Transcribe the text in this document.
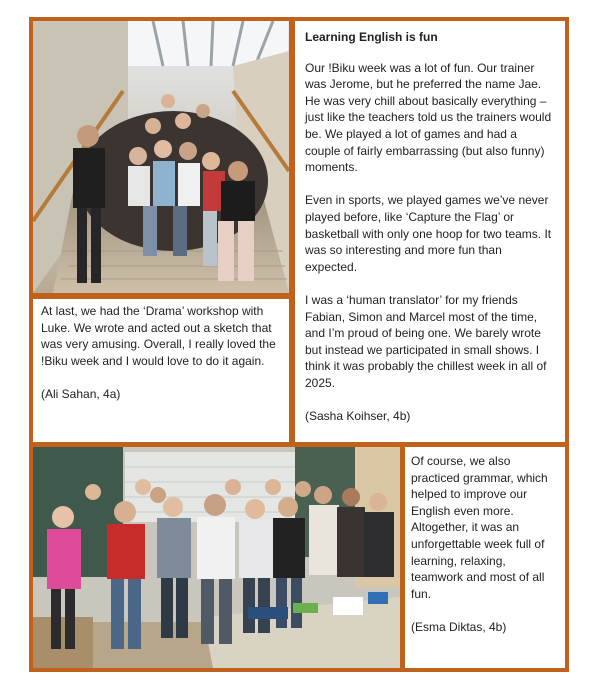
Learning English is fun

Our !Biku week was a lot of fun. Our trainer was Jerome, but he preferred the name Jae. He was very chill about basically everything – just like the teachers told us the trainers would be. We played a lot of games and had a couple of fairly embarrassing (but also funny) moments.

Even in sports, we played games we’ve never played before, like ‘Capture the Flag’ or basketball with only one hoop for two teams. It was so interesting and more fun than expected.

I was a ‘human translator’ for my friends Fabian, Simon and Marcel most of the time, and I’m proud of being one. We barely wrote but instead we participated in small shows. I think it was probably the chillest week in all of 2025.

(Sasha Koihser, 4b)

At last, we had the ‘Drama’ workshop with Luke. We wrote and acted out a sketch that was very amusing. Overall, I really loved the !Biku week and I would love to do it again.

(Ali Sahan, 4a)

Of course, we also practiced grammar, which helped to improve our English even more. Altogether, it was an unforgettable week full of learning, relaxing, teamwork and most of all fun.

(Esma Diktas, 4b)
